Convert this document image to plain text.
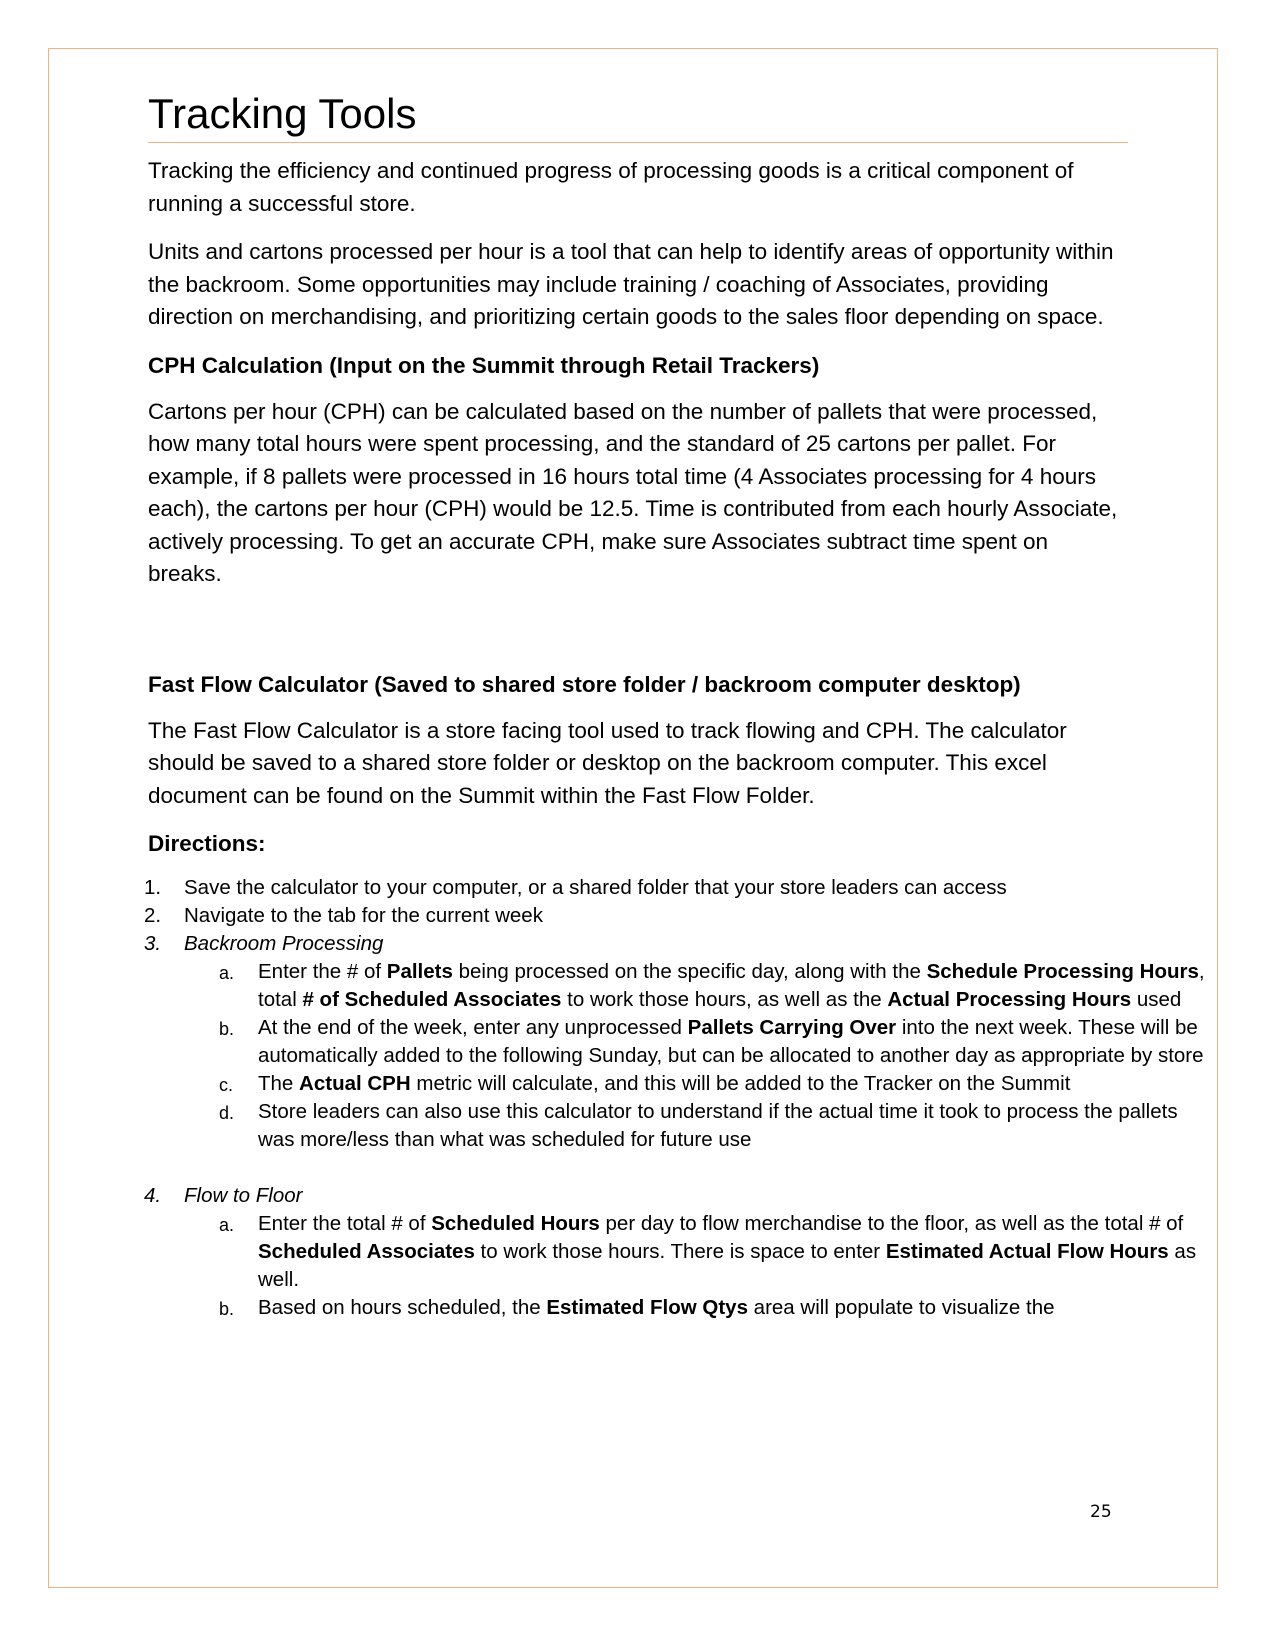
Tracking Tools

Tracking the efficiency and continued progress of processing goods is a critical component of running a successful store.

Units and cartons processed per hour is a tool that can help to identify areas of opportunity within the backroom. Some opportunities may include training / coaching of Associates, providing direction on merchandising, and prioritizing certain goods to the sales floor depending on space.

CPH Calculation (Input on the Summit through Retail Trackers)

Cartons per hour (CPH) can be calculated based on the number of pallets that were processed, how many total hours were spent processing, and the standard of 25 cartons per pallet. For example, if 8 pallets were processed in 16 hours total time (4 Associates processing for 4 hours each), the cartons per hour (CPH) would be 12.5. Time is contributed from each hourly Associate, actively processing. To get an accurate CPH, make sure Associates subtract time spent on breaks.

Fast Flow Calculator (Saved to shared store folder / backroom computer desktop)

The Fast Flow Calculator is a store facing tool used to track flowing and CPH. The calculator should be saved to a shared store folder or desktop on the backroom computer. This excel document can be found on the Summit within the Fast Flow Folder.

Directions:
1. Save the calculator to your computer, or a shared folder that your store leaders can access
2. Navigate to the tab for the current week
3. Backroom Processing
a. Enter the # of Pallets being processed on the specific day, along with the Schedule Processing Hours, total # of Scheduled Associates to work those hours, as well as the Actual Processing Hours used
b. At the end of the week, enter any unprocessed Pallets Carrying Over into the next week. These will be automatically added to the following Sunday, but can be allocated to another day as appropriate by store
c. The Actual CPH metric will calculate, and this will be added to the Tracker on the Summit
d. Store leaders can also use this calculator to understand if the actual time it took to process the pallets was more/less than what was scheduled for future use
4. Flow to Floor
a. Enter the total # of Scheduled Hours per day to flow merchandise to the floor, as well as the total # of Scheduled Associates to work those hours. There is space to enter Estimated Actual Flow Hours as well.
b. Based on hours scheduled, the Estimated Flow Qtys area will populate to visualize the
25
